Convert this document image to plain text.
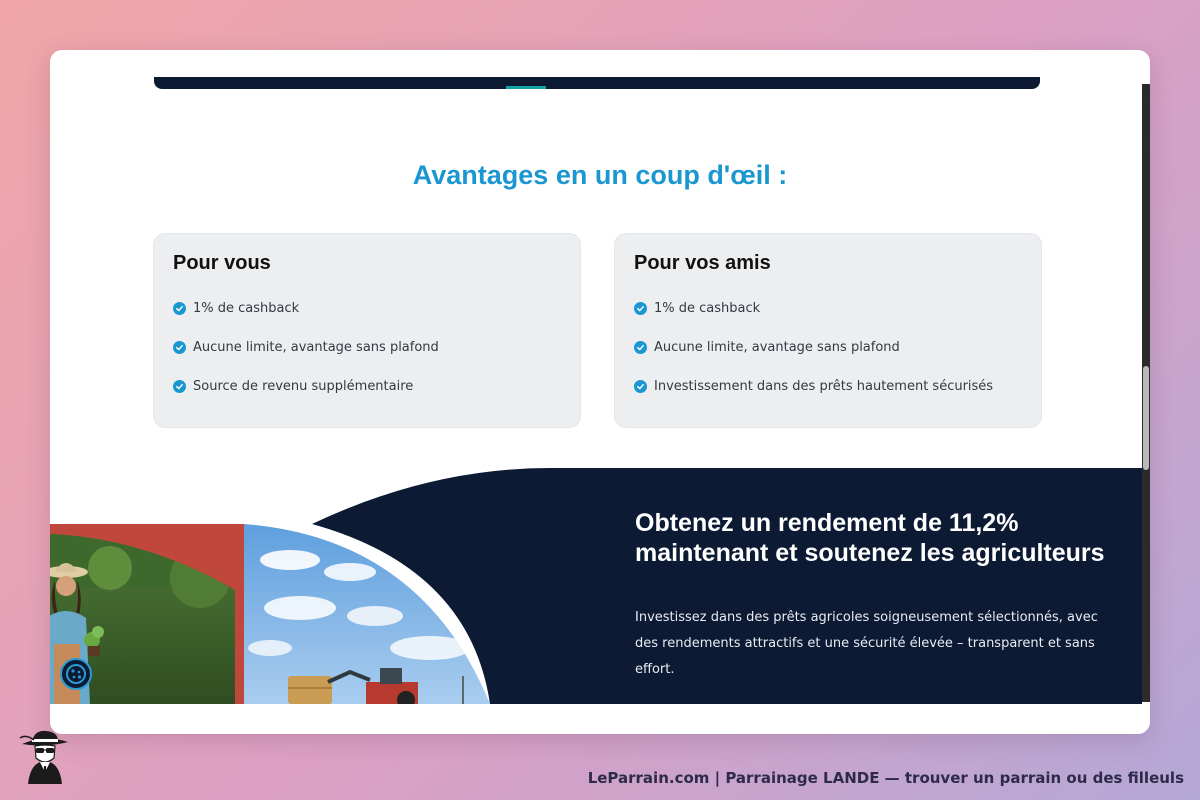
Avantages en un coup d'œil :
Pour vous
1% de cashback
Aucune limite, avantage sans plafond
Source de revenu supplémentaire
Pour vos amis
1% de cashback
Aucune limite, avantage sans plafond
Investissement dans des prêts hautement sécurisés
Obtenez un rendement de 11,2% maintenant et soutenez les agriculteurs

Investissez dans des prêts agricoles soigneusement sélectionnés, avec des rendements attractifs et une sécurité élevée – transparent et sans effort.

LeParrain.com | Parrainage LANDE — trouver un parrain ou des filleuls
